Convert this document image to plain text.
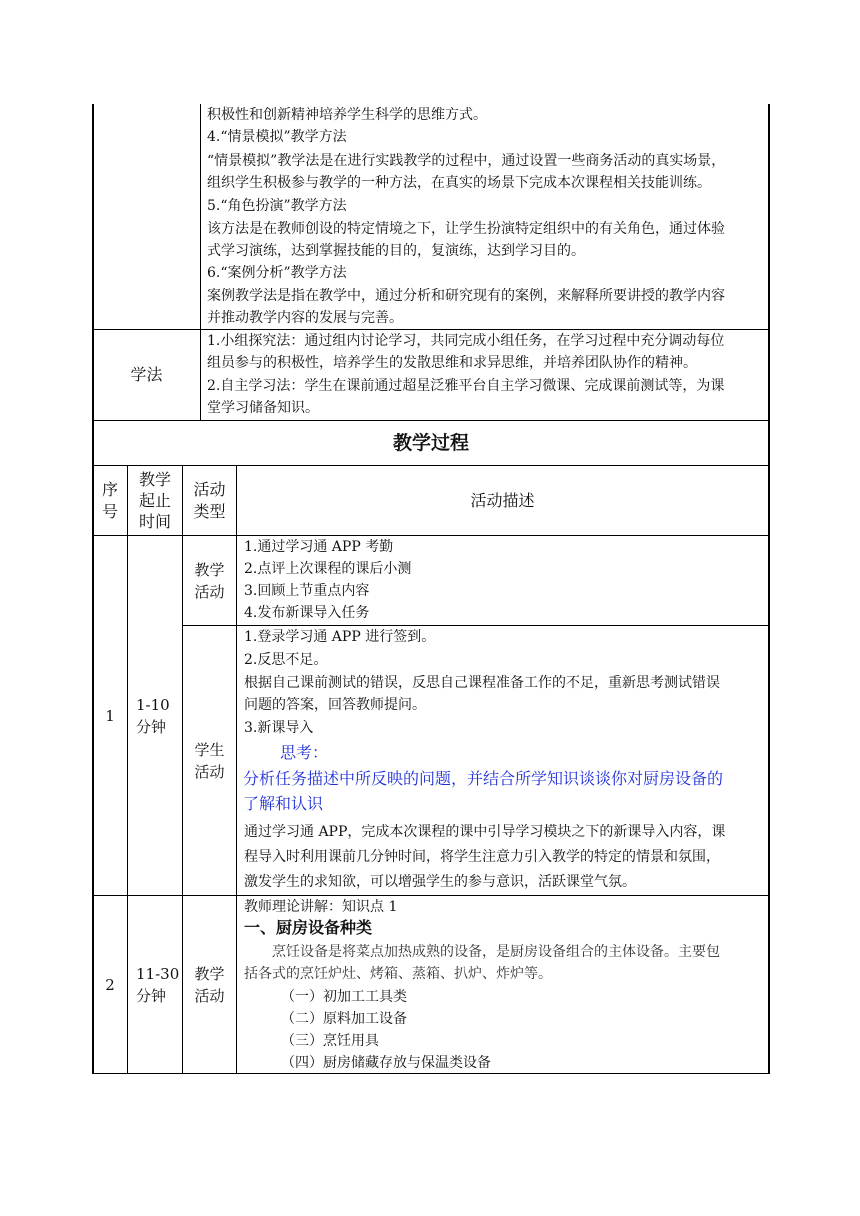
积极性和创新精神培养学生科学的思维方式。
4.“情景模拟”教学方法
“情景模拟”教学法是在进行实践教学的过程中，通过设置一些商务活动的真实场景，
组织学生积极参与教学的一种方法，在真实的场景下完成本次课程相关技能训练。
5.“角色扮演”教学方法
该方法是在教师创设的特定情境之下，让学生扮演特定组织中的有关角色，通过体验
式学习演练，达到掌握技能的目的，复演练，达到学习目的。
6.“案例分析”教学方法
案例教学法是指在教学中，通过分析和研究现有的案例，来解释所要讲授的教学内容
并推动教学内容的发展与完善。
学法
1.小组探究法：通过组内讨论学习，共同完成小组任务，在学习过程中充分调动每位
组员参与的积极性，培养学生的发散思维和求异思维，并培养团队协作的精神。
2.自主学习法：学生在课前通过超星泛雅平台自主学习微课、完成课前测试等，为课
堂学习储备知识。
教学过程
序
号
教学
起止
时间
活动
类型
活动描述
1
1-10
分钟
教学
活动
1.通过学习通 APP 考勤
2.点评上次课程的课后小测
3.回顾上节重点内容
4.发布新课导入任务
学生
活动
1.登录学习通 APP 进行签到。
2.反思不足。
根据自己课前测试的错误，反思自己课程准备工作的不足，重新思考测试错误
问题的答案，回答教师提问。
3.新课导入
思考：
分析任务描述中所反映的问题，并结合所学知识谈谈你对厨房设备的
了解和认识
通过学习通 APP，完成本次课程的课中引导学习模块之下的新课导入内容，课
程导入时利用课前几分钟时间，将学生注意力引入教学的特定的情景和氛围，
激发学生的求知欲，可以增强学生的参与意识，活跃课堂气氛。
2
11-30
分钟
教学
活动
教师理论讲解：知识点 1
一、厨房设备种类
烹饪设备是将菜点加热成熟的设备，是厨房设备组合的主体设备。主要包
括各式的烹饪炉灶、烤箱、蒸箱、扒炉、炸炉等。
（一）初加工工具类
（二）原料加工设备
（三）烹饪用具
（四）厨房储藏存放与保温类设备
